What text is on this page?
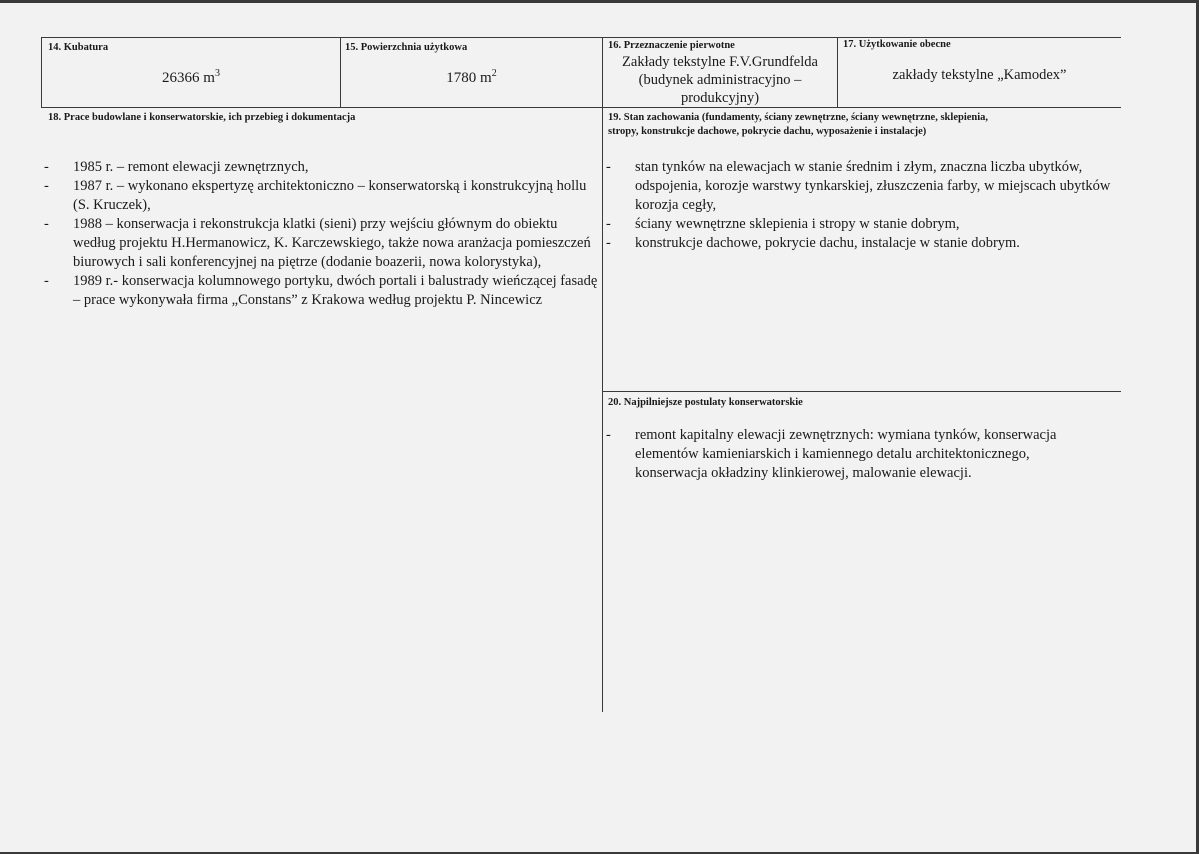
14. Kubatura
26366 $m^3$
15. Powierzchnia użytkowa
1780 $m^2$
16. Przeznaczenie pierwotne
Zakłady tekstylne F.V.Grundfelda
(budynek administracyjno –
produkcyjny)
17. Użytkowanie obecne
zakłady tekstylne „Kamodex”
18. Prace budowlane i konserwatorskie, ich przebieg i dokumentacja
- 1985 r. – remont elewacji zewnętrznych,
- 1987 r. – wykonano ekspertyzę architektoniczno – konserwatorską i konstrukcyjną hollu (S. Kruczek),
- 1988 – konserwacja i rekonstrukcja klatki (sieni) przy wejściu głównym do obiektu według projektu H.Hermanowicz, K. Karczewskiego, także nowa aranżacja pomieszczeń biurowych i sali konferencyjnej na piętrze (dodanie boazerii, nowa kolorystyka),
- 1989 r.- konserwacja kolumnowego portyku, dwóch portali i balustrady wieńczącej fasadę – prace wykonywała firma „Constans” z Krakowa według projektu P. Nincewicz
19. Stan zachowania (fundamenty, ściany zewnętrzne, ściany wewnętrzne, sklepienia,
stropy, konstrukcje dachowe, pokrycie dachu, wyposażenie i instalacje)
- stan tynków na elewacjach w stanie średnim i złym, znaczna liczba ubytków, odspojenia, korozje warstwy tynkarskiej, złuszczenia farby, w miejscach ubytków korozja cegły,
- ściany wewnętrzne sklepienia i stropy w stanie dobrym,
- konstrukcje dachowe, pokrycie dachu, instalacje w stanie dobrym.
20. Najpilniejsze postulaty konserwatorskie
- remont kapitalny elewacji zewnętrznych: wymiana tynków, konserwacja elementów kamieniarskich i kamiennego detalu architektonicznego, konserwacja okładziny klinkierowej, malowanie elewacji.
